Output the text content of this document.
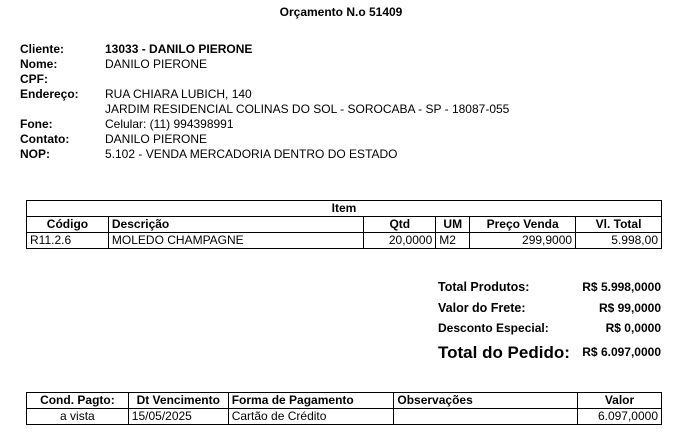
Orçamento N.o 51409
Cliente:	13033 - DANILO PIERONE
Nome:	DANILO PIERONE
CPF:
Endereço: RUA CHIARA LUBICH, 140
JARDIM RESIDENCIAL COLINAS DO SOL - SOROCABA - SP - 18087-055
Fone:	Celular: (11) 994398991
Contato:	DANILO PIERONE
NOP:	5.102 - VENDA MERCADORIA DENTRO DO ESTADO
Item					
Código	Descrição	Qtd	UM	Preço Venda	Vl. Total
R11.2.6	MOLEDO CHAMPAGNE	20,0000	M2	299,9000	5.998,00
Total Produtos:	R$ 5.998,0000
Valor do Frete:	R$ 99,0000
Desconto Especial:	R$ 0,0000
Total do Pedido: R$ 6.097,0000
Cond. Pagto:	Dt Vencimento	Forma de Pagamento	Observações	Valor
a vista	15/05/2025	Cartão de Crédito		6.097,0000
